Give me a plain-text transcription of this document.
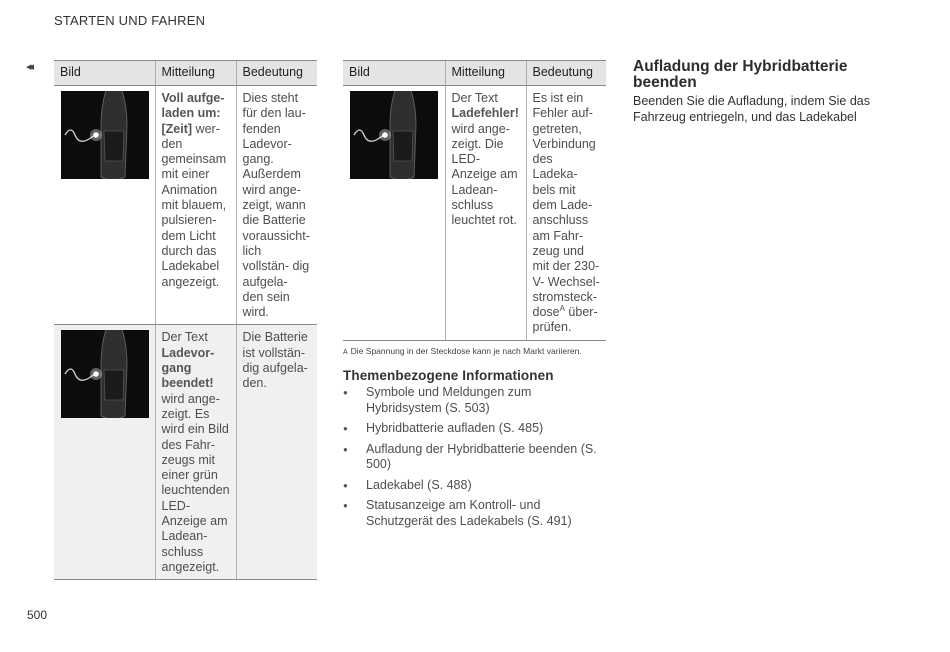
STARTEN UND FAHREN
◂◂ Bild	Mitteilung	Bedeutung

	Voll aufge- laden um: [Zeit] wer- den gemeinsam mit einer Animation mit blauem, pulsieren- dem Licht durch das Ladekabel angezeigt.	Dies steht für den lau- fenden Ladevor- gang. Außerdem wird ange- zeigt, wann die Batterie voraussicht- lich vollstän- dig aufgela- den sein wird.

	Der Text Ladevor- gang beendet! wird ange- zeigt. Es wird ein Bild des Fahr- zeugs mit einer grün leuchtenden LED- Anzeige am Ladean- schluss angezeigt.	Die Batterie ist vollstän- dig aufgela- den.
Bild	Mitteilung	Bedeutung

	Der Text Ladefehler! wird ange- zeigt. Die LED- Anzeige am Ladean- schluss leuchtet rot.	Es ist ein Fehler auf- getreten, Verbindung des Ladeka- bels mit dem Lade- anschluss am Fahr- zeug und mit der 230-V- Wechsel- stromsteck- dose$^A$ über- prüfen.
A Die Spannung in der Steckdose kann je nach Markt variieren.
Themenbezogene Informationen
● Symbole und Meldungen zum Hybridsystem (S. 503)
● Hybridbatterie aufladen (S. 485)
● Aufladung der Hybridbatterie beenden (S. 500)
● Ladekabel (S. 488)
● Statusanzeige am Kontroll- und Schutzgerät des Ladekabels (S. 491)
Aufladung der Hybridbatterie beenden
Beenden Sie die Aufladung, indem Sie das Fahrzeug entriegeln, und das Ladekabel
500
